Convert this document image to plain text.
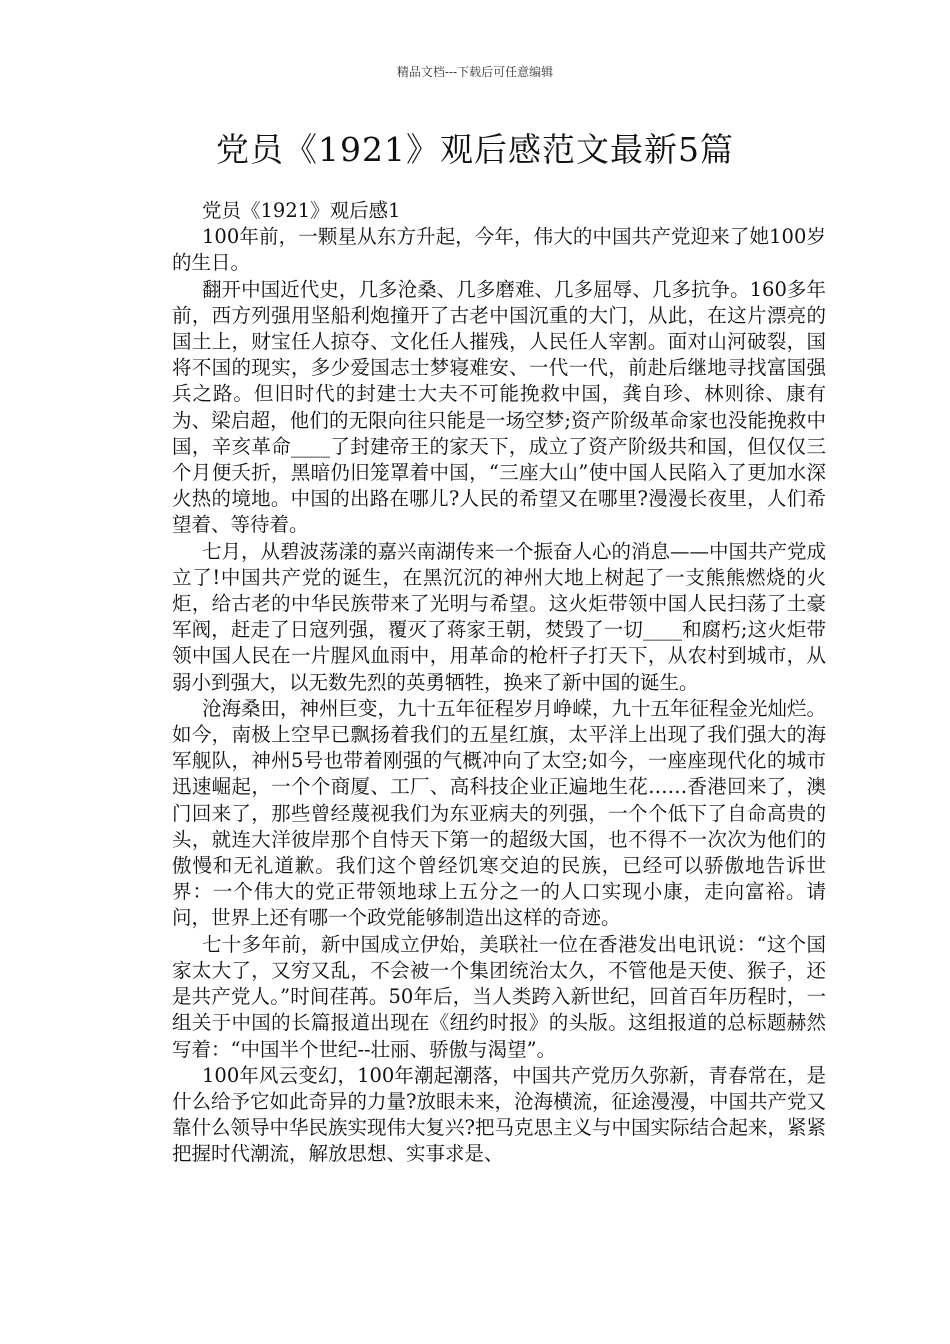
精品文档---下载后可任意编辑
党员《1921》观后感范文最新5篇

党员《1921》观后感1

100年前，一颗星从东方升起，今年，伟大的中国共产党迎来了她100岁的生日。

翻开中国近代史，几多沧桑、几多磨难、几多屈辱、几多抗争。160多年前，西方列强用坚船利炮撞开了古老中国沉重的大门，从此，在这片漂亮的国土上，财宝任人掠夺、文化任人摧残，人民任人宰割。面对山河破裂，国将不国的现实，多少爱国志士梦寝难安、一代一代，前赴后继地寻找富国强兵之路。但旧时代的封建士大夫不可能挽救中国，龚自珍、林则徐、康有为、梁启超，他们的无限向往只能是一场空梦;资产阶级革命家也没能挽救中国，辛亥革命____了封建帝王的家天下，成立了资产阶级共和国，但仅仅三个月便夭折，黑暗仍旧笼罩着中国，“三座大山”使中国人民陷入了更加水深火热的境地。中国的出路在哪儿?人民的希望又在哪里?漫漫长夜里，人们希望着、等待着。

七月，从碧波荡漾的嘉兴南湖传来一个振奋人心的消息——中国共产党成立了!中国共产党的诞生，在黑沉沉的神州大地上树起了一支熊熊燃烧的火炬，给古老的中华民族带来了光明与希望。这火炬带领中国人民扫荡了土豪军阀，赶走了日寇列强，覆灭了蒋家王朝，焚毁了一切____和腐朽;这火炬带领中国人民在一片腥风血雨中，用革命的枪杆子打天下，从农村到城市，从弱小到强大，以无数先烈的英勇牺牲，换来了新中国的诞生。

沧海桑田，神州巨变，九十五年征程岁月峥嵘，九十五年征程金光灿烂。如今，南极上空早已飘扬着我们的五星红旗，太平洋上出现了我们强大的海军舰队，神州5号也带着刚强的气概冲向了太空;如今，一座座现代化的城市迅速崛起，一个个商厦、工厂、高科技企业正遍地生花……香港回来了，澳门回来了，那些曾经蔑视我们为东亚病夫的列强，一个个低下了自命高贵的头，就连大洋彼岸那个自恃天下第一的超级大国，也不得不一次次为他们的傲慢和无礼道歉。我们这个曾经饥寒交迫的民族，已经可以骄傲地告诉世界：一个伟大的党正带领地球上五分之一的人口实现小康，走向富裕。请问，世界上还有哪一个政党能够制造出这样的奇迹。

七十多年前，新中国成立伊始，美联社一位在香港发出电讯说：“这个国家太大了，又穷又乱，不会被一个集团统治太久，不管他是天使、猴子，还是共产党人。”时间荏苒。50年后，当人类跨入新世纪，回首百年历程时，一组关于中国的长篇报道出现在《纽约时报》的头版。这组报道的总标题赫然写着：“中国半个世纪--壮丽、骄傲与渴望”。

100年风云变幻，100年潮起潮落，中国共产党历久弥新，青春常在，是什么给予它如此奇异的力量?放眼未来，沧海横流，征途漫漫，中国共产党又靠什么领导中华民族实现伟大复兴?把马克思主义与中国实际结合起来，紧紧把握时代潮流，解放思想、实事求是、
